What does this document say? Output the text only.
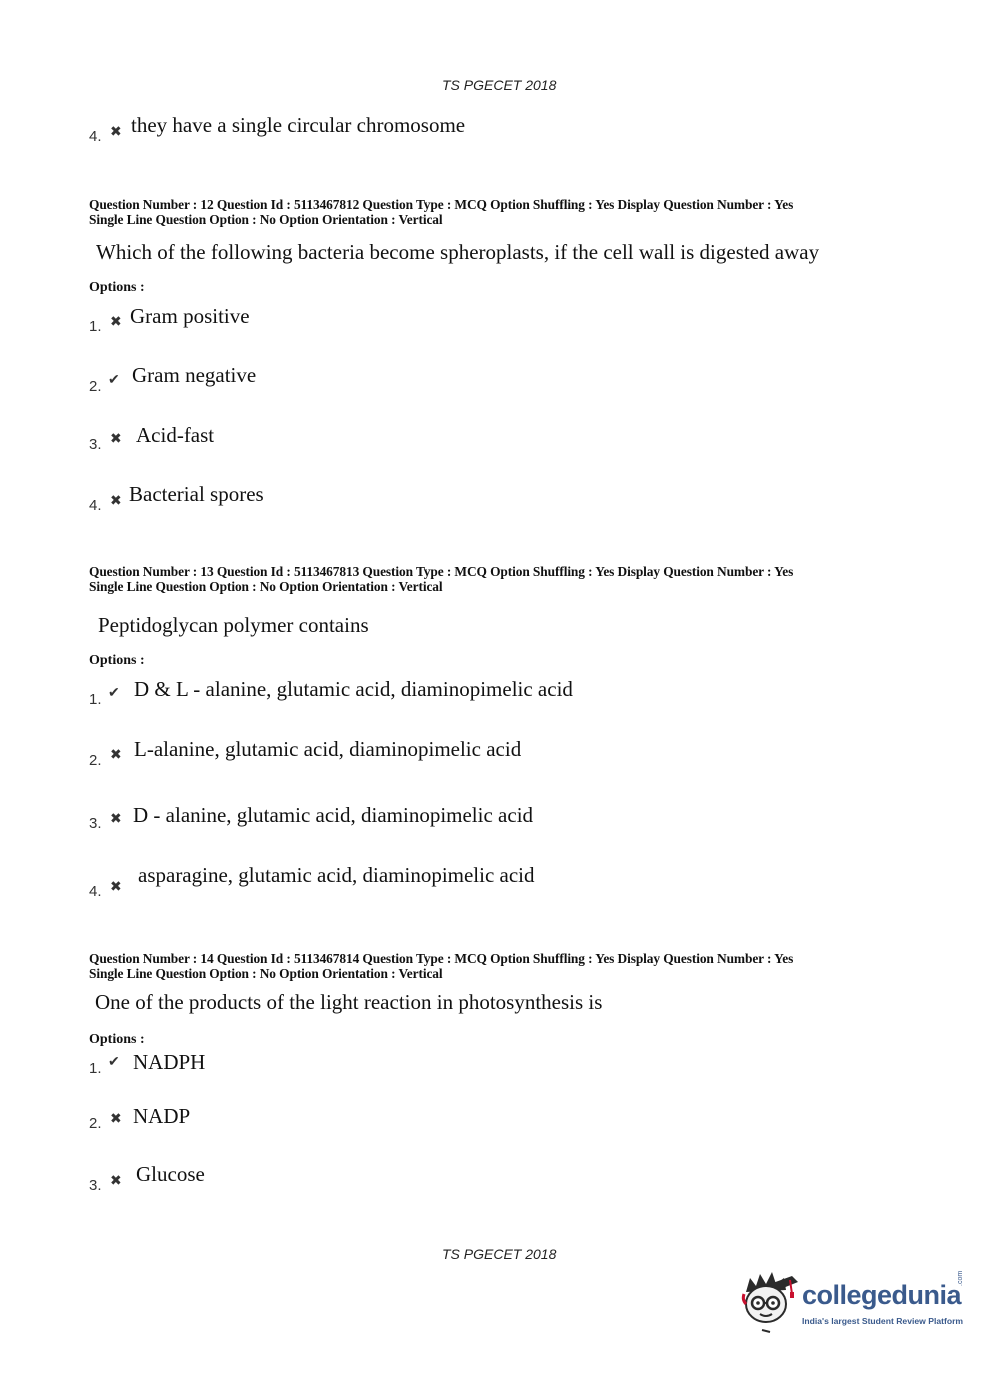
TS PGECET 2018
4. ✖ they have a single circular chromosome
Question Number : 12 Question Id : 5113467812 Question Type : MCQ Option Shuffling : Yes Display Question Number : Yes
Single Line Question Option : No Option Orientation : Vertical
Which of the following bacteria become spheroplasts, if the cell wall is digested away
Options :
1. ✖ Gram positive
2. ✔ Gram negative
3. ✖ Acid-fast
4. ✖ Bacterial spores
Question Number : 13 Question Id : 5113467813 Question Type : MCQ Option Shuffling : Yes Display Question Number : Yes
Single Line Question Option : No Option Orientation : Vertical
Peptidoglycan polymer contains
Options :
1. ✔ D & L - alanine, glutamic acid, diaminopimelic acid
2. ✖ L-alanine, glutamic acid, diaminopimelic acid
3. ✖ D - alanine, glutamic acid, diaminopimelic acid
4. ✖
asparagine, glutamic acid, diaminopimelic acid
Question Number : 14 Question Id : 5113467814 Question Type : MCQ Option Shuffling : Yes Display Question Number : Yes
Single Line Question Option : No Option Orientation : Vertical
One of the products of the light reaction in photosynthesis is
Options :
1. ✔ NADPH
2. ✖ NADP
3. ✖ Glucose
TS PGECET 2018
collegedunia
.com
India's largest Student Review Platform
